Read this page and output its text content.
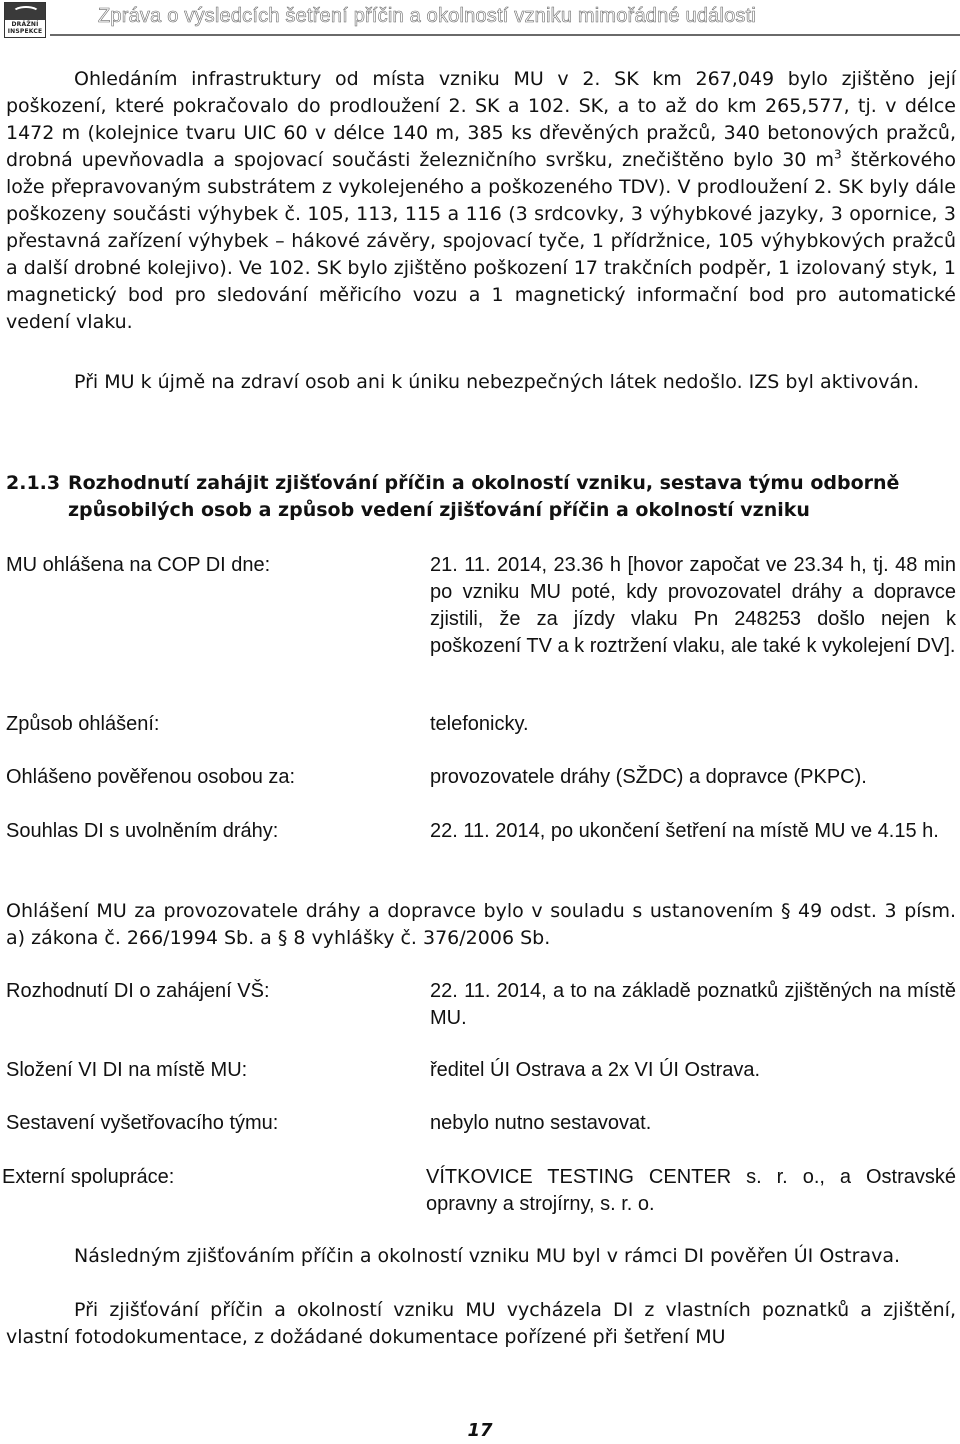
DRÁŽNÍ
INSPEKCE
Zpráva o výsledcích šetření příčin a okolností vzniku mimořádné události

Ohledáním infrastruktury od místa vzniku MU v 2. SK km 267,049 bylo zjištěno její poškození, které pokračovalo do prodloužení 2. SK a 102. SK, a to až do km 265,577, tj. v délce 1472 m (kolejnice tvaru UIC 60 v délce 140 m, 385 ks dřevěných pražců, 340 betonových pražců, drobná upevňovadla a spojovací součásti železničního svršku, znečištěno bylo 30 $m^3$ štěrkového lože přepravovaným substrátem z vykolejeného a poškozeného TDV). V prodloužení 2. SK byly dále poškozeny součásti výhybek č. 105, 113, 115 a 116 (3 srdcovky, 3 výhybkové jazyky, 3 opornice, 3 přestavná zařízení výhybek – hákové závěry, spojovací tyče, 1 přídržnice, 105 výhybkových pražců a další drobné kolejivo). Ve 102. SK bylo zjištěno poškození 17 trakčních podpěr, 1 izolovaný styk, 1 magnetický bod pro sledování měřicího vozu a 1 magnetický informační bod pro automatické vedení vlaku.

Při MU k újmě na zdraví osob ani k úniku nebezpečných látek nedošlo. IZS byl aktivován.

2.1.3 Rozhodnutí zahájit zjišťování příčin a okolností vzniku, sestava týmu odborně
způsobilých osob a způsob vedení zjišťování příčin a okolností vzniku
MU ohlášena na COP DI dne:	21. 11. 2014, 23.36 h [hovor započat ve 23.34 h, tj. 48 min po vzniku MU poté, kdy provozovatel dráhy a dopravce zjistili, že za jízdy vlaku Pn 248253 došlo nejen k poškození TV a k roztržení vlaku, ale také k vykolejení DV].
Způsob ohlášení:	telefonicky.
Ohlášeno pověřenou osobou za:	provozovatele dráhy (SŽDC) a dopravce (PKPC).
Souhlas DI s uvolněním dráhy:	22. 11. 2014, po ukončení šetření na místě MU ve 4.15 h.

Ohlášení MU za provozovatele dráhy a dopravce bylo v souladu s ustanovením § 49 odst. 3 písm. a) zákona č. 266/1994 Sb. a § 8 vyhlášky č. 376/2006 Sb.

Rozhodnutí DI o zahájení VŠ:	22. 11. 2014, a to na základě poznatků zjištěných na místě MU.
Složení VI DI na místě MU:	ředitel ÚI Ostrava a 2x VI ÚI Ostrava.
Sestavení vyšetřovacího týmu:	nebylo nutno sestavovat.
Externí spolupráce:	VÍTKOVICE TESTING CENTER s. r. o., a Ostravské opravny a strojírny, s. r. o.

Následným zjišťováním příčin a okolností vzniku MU byl v rámci DI pověřen ÚI Ostrava.

Při zjišťování příčin a okolností vzniku MU vycházela DI z vlastních poznatků a zjištění, vlastní fotodokumentace, z dožádané dokumentace pořízené při šetření MU

17
